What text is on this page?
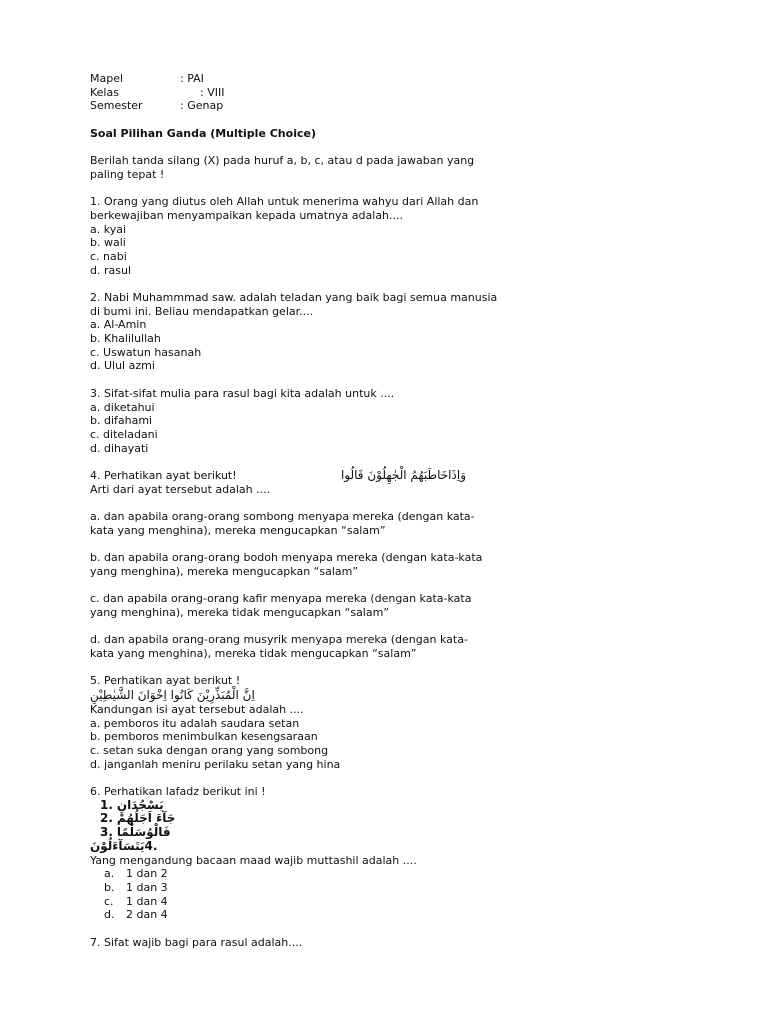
Mapel	: PAI
Kelas	: VIII
Semester	: Genap
Soal Pilihan Ganda (Multiple Choice)
Berilah tanda silang (X) pada huruf a, b, c, atau d pada jawaban yang
paling tepat !
1. Orang yang diutus oleh Allah untuk menerima wahyu dari Allah dan
berkewajiban menyampaikan kepada umatnya adalah....
a. kyai
b. wali
c. nabi
d. rasul
2. Nabi Muhammmad saw. adalah teladan yang baik bagi semua manusia
di bumi ini. Beliau mendapatkan gelar....
a. Al-Amin
b. Khalilullah
c. Uswatun hasanah
d. Ulul azmi
3. Sifat-sifat mulia para rasul bagi kita adalah untuk ....
a. diketahui
b. difahami
c. diteladani
d. dihayati
4. Perhatikan ayat berikut!	وَاِذَاخَاطَبَهُمُ الْجٰهِلُوْنَ قَالُوا
Arti dari ayat tersebut adalah ....
a. dan apabila orang-orang sombong menyapa mereka (dengan kata-
kata yang menghina), mereka mengucapkan “salam”
b. dan apabila orang-orang bodoh menyapa mereka (dengan kata-kata
yang menghina), mereka mengucapkan “salam”
c. dan apabila orang-orang kafir menyapa mereka (dengan kata-kata
yang menghina), mereka tidak mengucapkan “salam”
d. dan apabila orang-orang musyrik menyapa mereka (dengan kata-
kata yang menghina), mereka tidak mengucapkan “salam”
5. Perhatikan ayat berikut !
اِنَّ الْمُبَذِّرِيْنَ كَانُوا اِخْوَانَ الشَّيٰطِيْنِ
Kandungan isi ayat tersebut adalah ....
a. pemboros itu adalah saudara setan
b. pemboros menimbulkan kesengsaraan
c. setan suka dengan orang yang sombong
d. janganlah meniru perilaku setan yang hina
6. Perhatikan lafadz berikut ini !
1. يَسْجُدَانِ
2. جَآءَ اَجَلُهُمْ
3. فَالْوُسَلْمًا
يَتَسَآءَلُوْنَ 4.
Yang mengandung bacaan maad wajib muttashil adalah ....
a.	1 dan 2
b.	1 dan 3
c.	1 dan 4
d.	2 dan 4
7. Sifat wajib bagi para rasul adalah....
